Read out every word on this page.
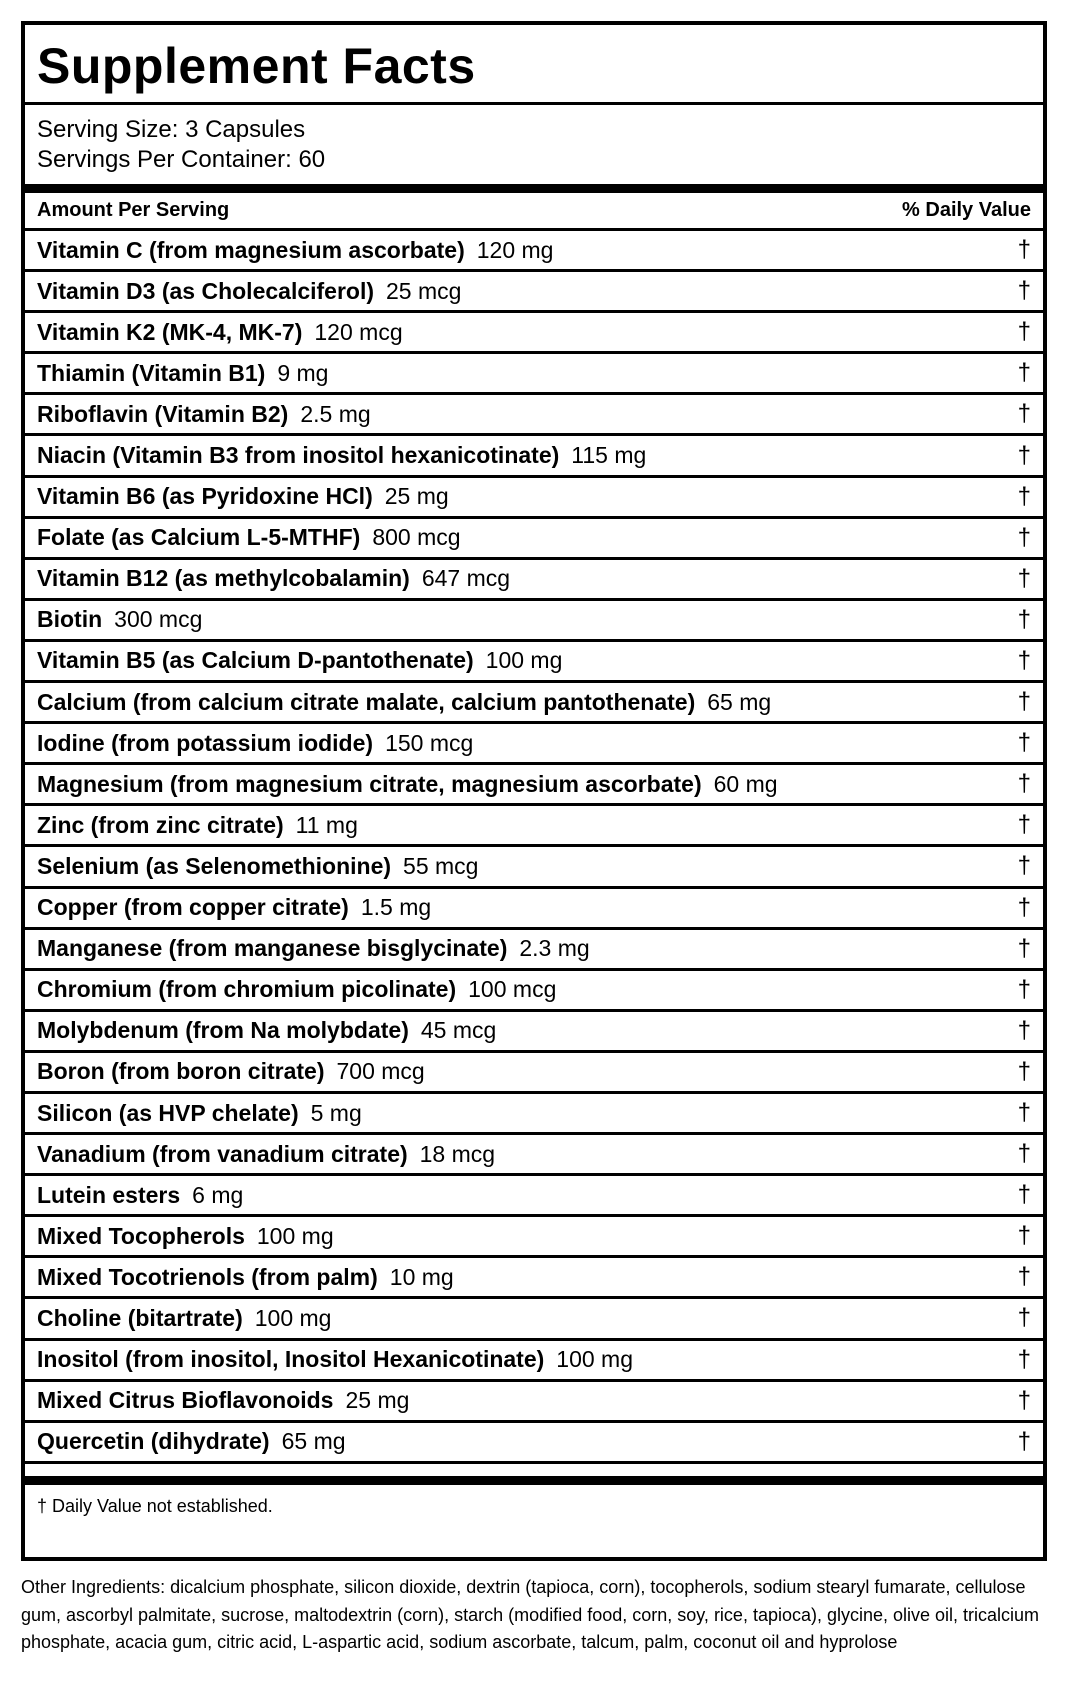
Supplement Facts
Serving Size: 3 Capsules
Servings Per Container: 60
Amount Per Serving	% Daily Value
Vitamin C (from magnesium ascorbate) 120 mg	†
Vitamin D3 (as Cholecalciferol) 25 mcg	†
Vitamin K2 (MK-4, MK-7) 120 mcg	†
Thiamin (Vitamin B1) 9 mg	†
Riboflavin (Vitamin B2) 2.5 mg	†
Niacin (Vitamin B3 from inositol hexanicotinate) 115 mg	†
Vitamin B6 (as Pyridoxine HCl) 25 mg	†
Folate (as Calcium L-5-MTHF) 800 mcg	†
Vitamin B12 (as methylcobalamin) 647 mcg	†
Biotin 300 mcg	†
Vitamin B5 (as Calcium D-pantothenate) 100 mg	†
Calcium (from calcium citrate malate, calcium pantothenate) 65 mg	†
Iodine (from potassium iodide) 150 mcg	†
Magnesium (from magnesium citrate, magnesium ascorbate) 60 mg	†
Zinc (from zinc citrate) 11 mg	†
Selenium (as Selenomethionine) 55 mcg	†
Copper (from copper citrate) 1.5 mg	†
Manganese (from manganese bisglycinate) 2.3 mg	†
Chromium (from chromium picolinate) 100 mcg	†
Molybdenum (from Na molybdate) 45 mcg	†
Boron (from boron citrate) 700 mcg	†
Silicon (as HVP chelate) 5 mg	†
Vanadium (from vanadium citrate) 18 mcg	†
Lutein esters 6 mg	†
Mixed Tocopherols 100 mg	†
Mixed Tocotrienols (from palm) 10 mg	†
Choline (bitartrate) 100 mg	†
Inositol (from inositol, Inositol Hexanicotinate) 100 mg	†
Mixed Citrus Bioflavonoids 25 mg	†
Quercetin (dihydrate) 65 mg	†
† Daily Value not established.
Other Ingredients: dicalcium phosphate, silicon dioxide, dextrin (tapioca, corn), tocopherols, sodium stearyl fumarate, cellulose gum, ascorbyl palmitate, sucrose, maltodextrin (corn), starch (modified food, corn, soy, rice, tapioca), glycine, olive oil, tricalcium phosphate, acacia gum, citric acid, L-aspartic acid, sodium ascorbate, talcum, palm, coconut oil and hyprolose
